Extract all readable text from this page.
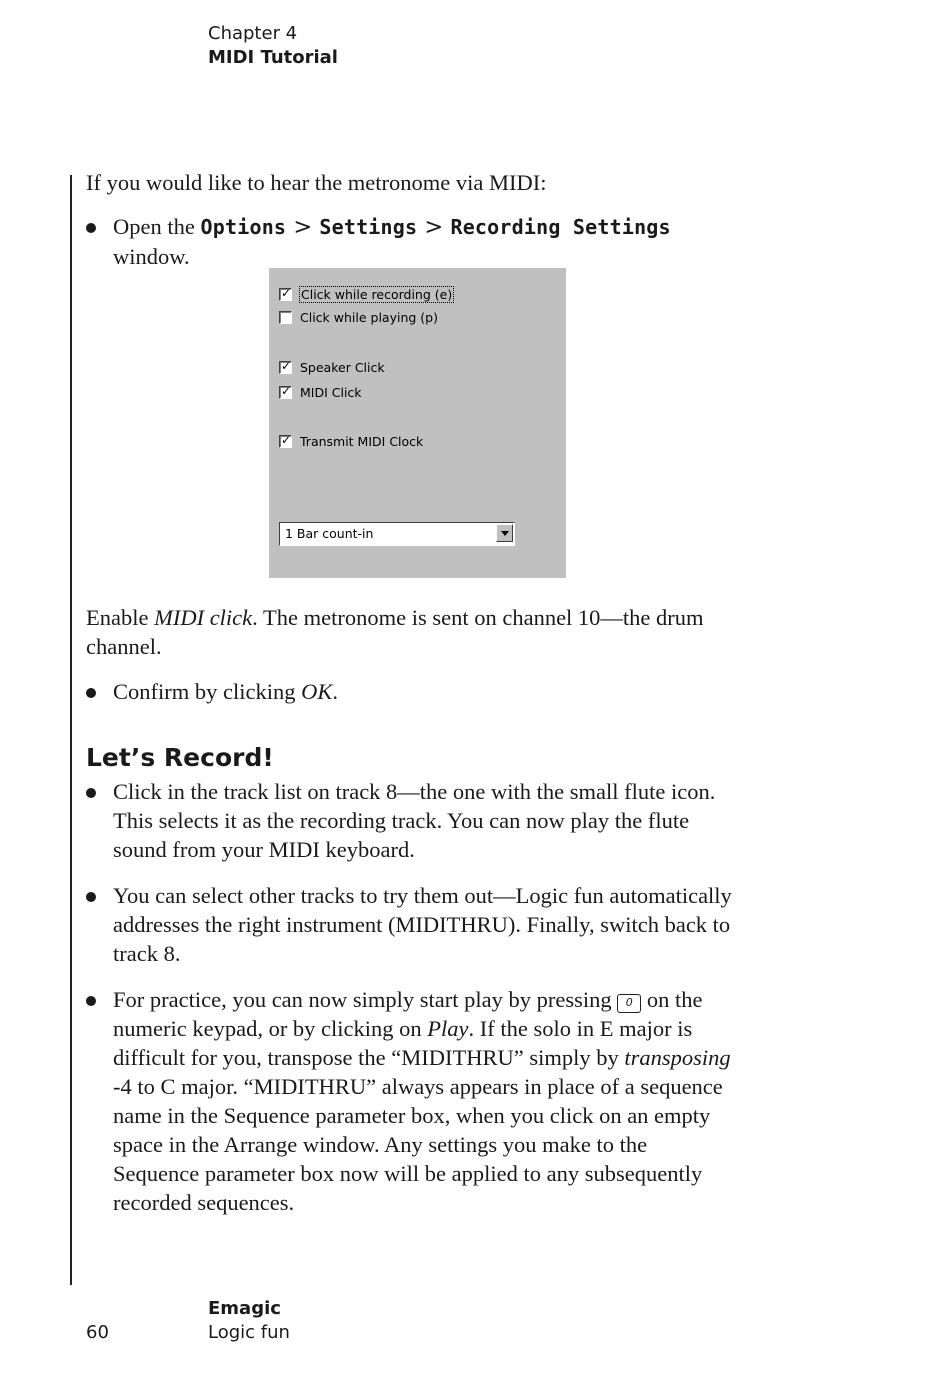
Chapter 4
MIDI Tutorial
If you would like to hear the metronome via MIDI:
Open the Options > Settings > Recording Settings window.
✓ Click while recording (e)
Click while playing (p)
✓ Speaker Click
✓ MIDI Click
✓ Transmit MIDI Clock
1 Bar count-in
Enable MIDI click. The metronome is sent on channel 10—the drum channel.
Confirm by clicking OK.
Let’s Record!
Click in the track list on track 8—the one with the small flute icon. This selects it as the recording track. You can now play the flute sound from your MIDI keyboard.
You can select other tracks to try them out—Logic fun automatically addresses the right instrument (MIDITHRU). Finally, switch back to track 8.
For practice, you can now simply start play by pressing 0 on the numeric keypad, or by clicking on Play. If the solo in E major is difficult for you, transpose the “MIDITHRU” simply by transposing -4 to C major. “MIDITHRU” always appears in place of a sequence name in the Sequence parameter box, when you click on an empty space in the Arrange window. Any settings you make to the Sequence parameter box now will be applied to any subsequently recorded sequences.
Emagic
Logic fun
60
